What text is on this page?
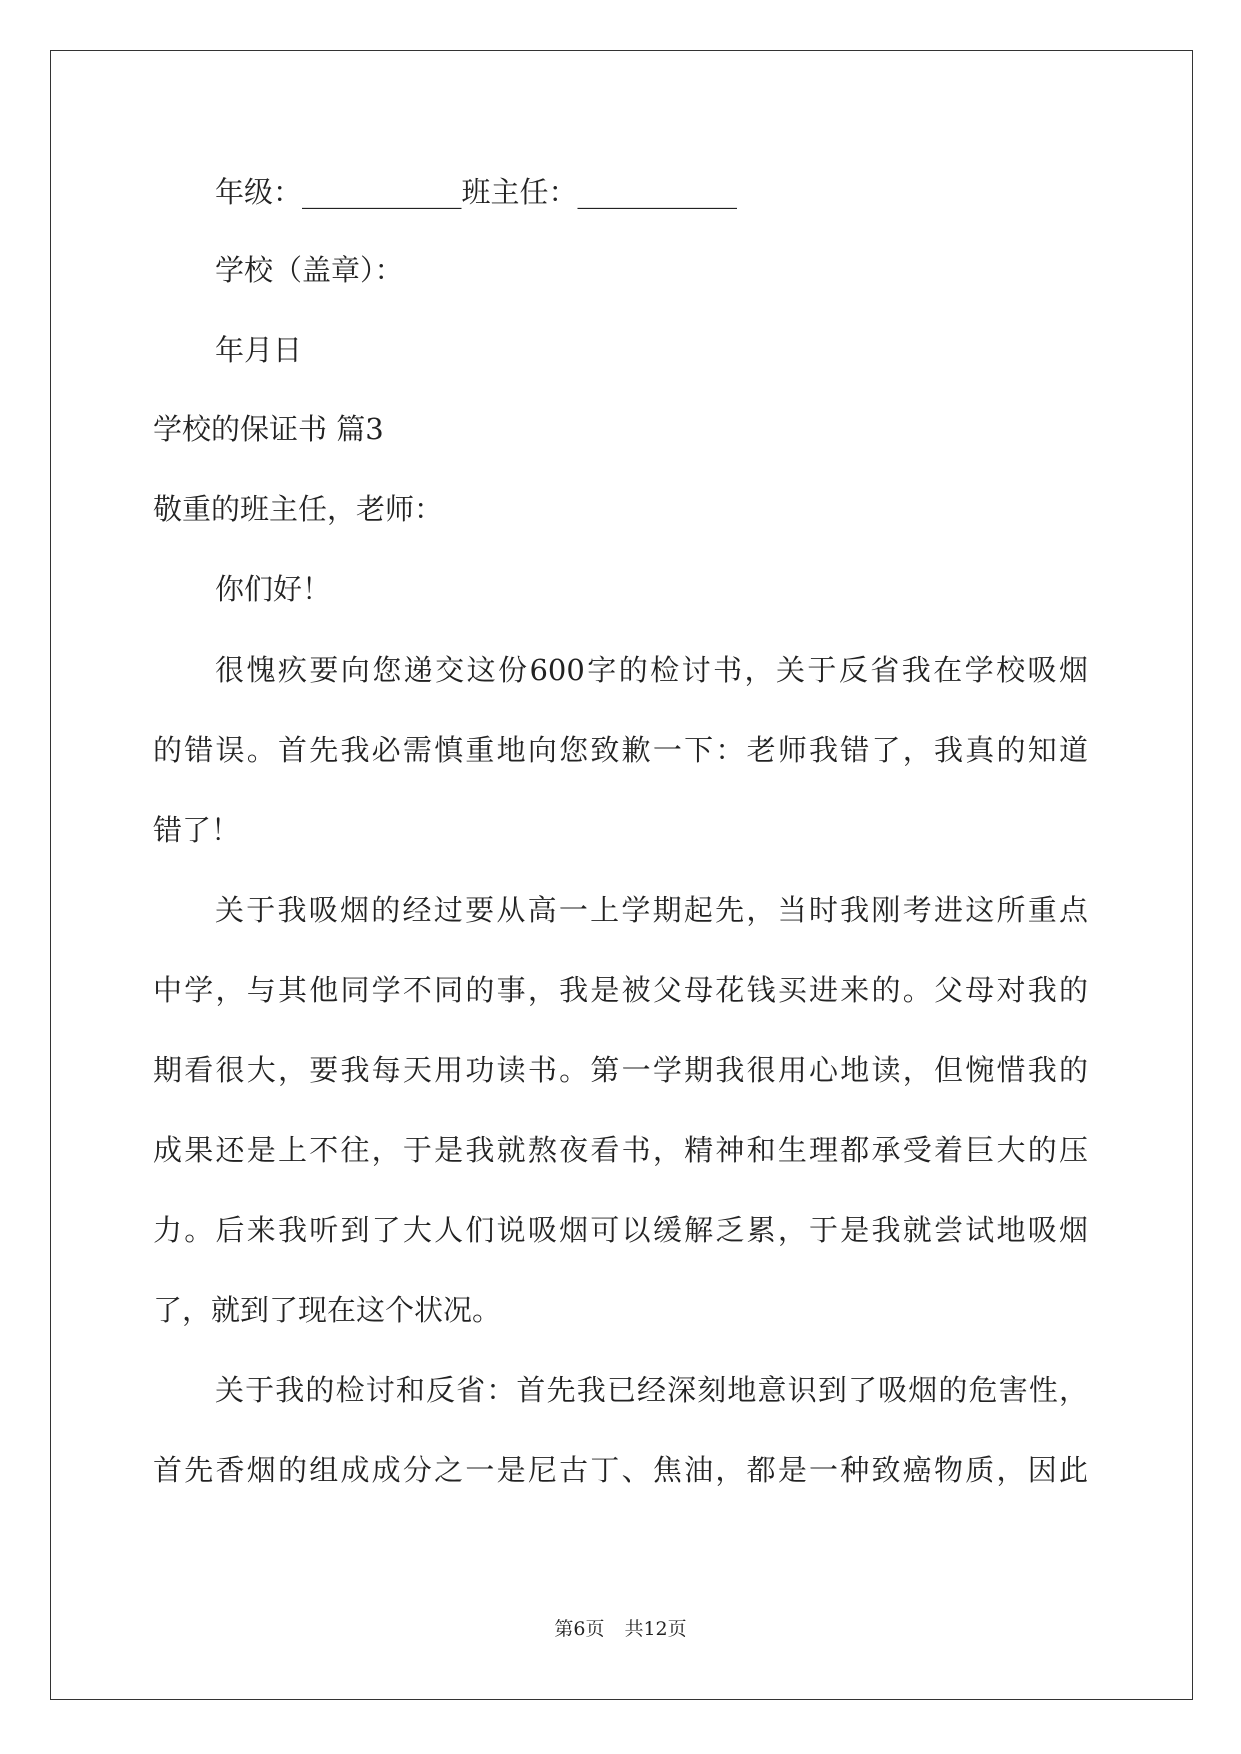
年级：___________班主任：___________
学校（盖章）：
年月日
学校的保证书 篇3
敬重的班主任，老师：
你们好！
很愧疚要向您递交这份600字的检讨书，关于反省我在学校吸烟
的错误。首先我必需慎重地向您致歉一下：老师我错了，我真的知道
错了！
关于我吸烟的经过要从高一上学期起先，当时我刚考进这所重点
中学，与其他同学不同的事，我是被父母花钱买进来的。父母对我的
期看很大，要我每天用功读书。第一学期我很用心地读，但惋惜我的
成果还是上不往，于是我就熬夜看书，精神和生理都承受着巨大的压
力。后来我听到了大人们说吸烟可以缓解乏累，于是我就尝试地吸烟
了，就到了现在这个状况。
关于我的检讨和反省：首先我已经深刻地意识到了吸烟的危害性，
首先香烟的组成成分之一是尼古丁、焦油，都是一种致癌物质，因此
第6页 共12页
